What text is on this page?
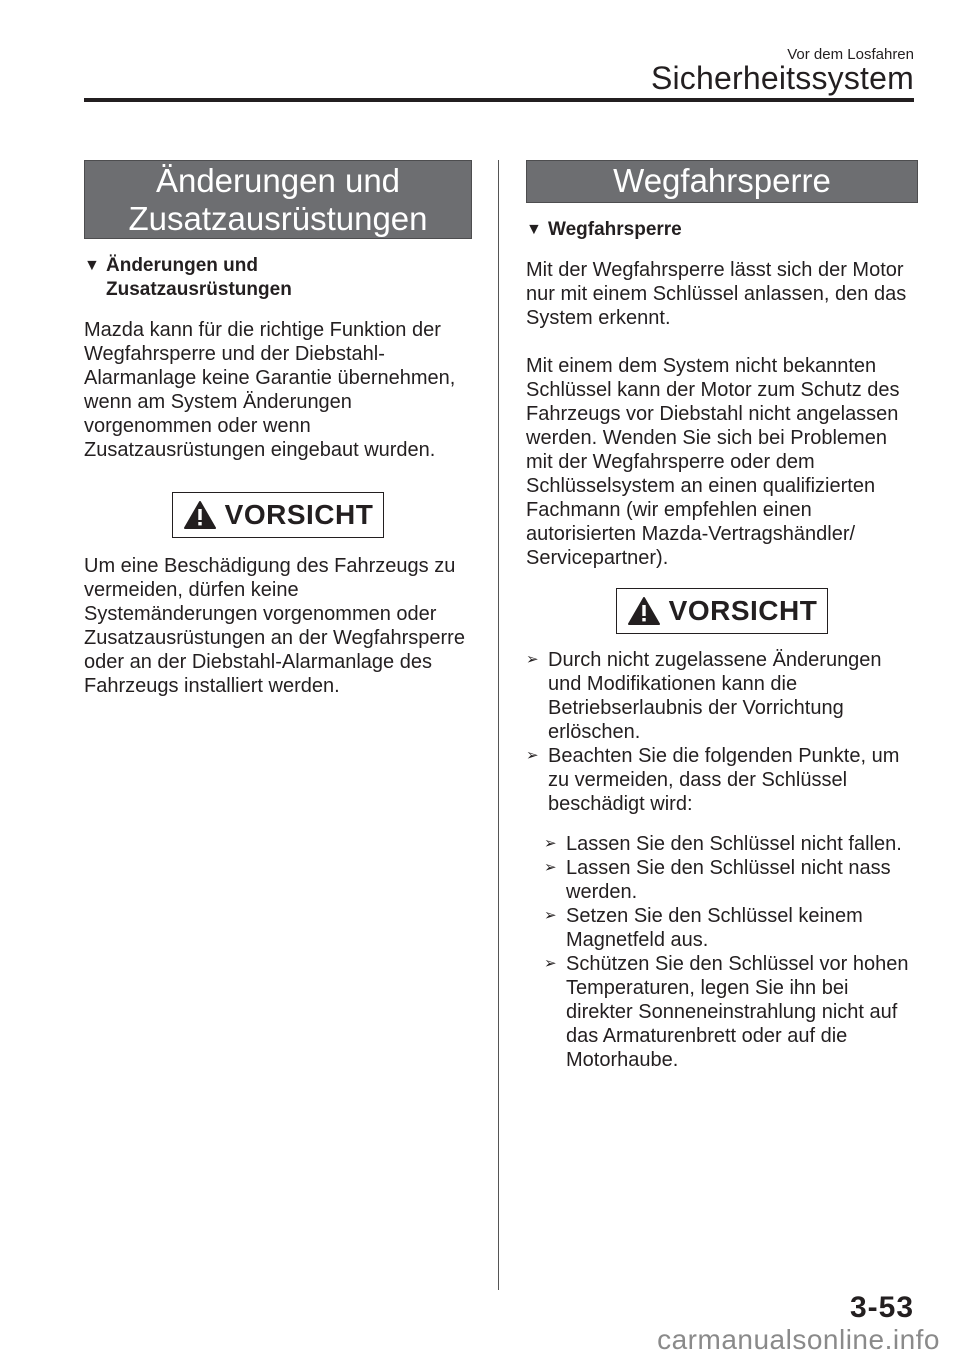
Vor dem Losfahren
Sicherheitssystem
Änderungen und
Zusatzausrüstungen
▼ Änderungen und
Zusatzausrüstungen

Mazda kann für die richtige Funktion der Wegfahrsperre und der Diebstahl-Alarmanlage keine Garantie übernehmen, wenn am System Änderungen vorgenommen oder wenn Zusatzausrüstungen eingebaut wurden.

VORSICHT

Um eine Beschädigung des Fahrzeugs zu vermeiden, dürfen keine Systemänderungen vorgenommen oder Zusatzausrüstungen an der Wegfahrsperre oder an der Diebstahl-Alarmanlage des Fahrzeugs installiert werden.

Wegfahrsperre
▼ Wegfahrsperre

Mit der Wegfahrsperre lässt sich der Motor nur mit einem Schlüssel anlassen, den das System erkennt.

Mit einem dem System nicht bekannten Schlüssel kann der Motor zum Schutz des Fahrzeugs vor Diebstahl nicht angelassen werden. Wenden Sie sich bei Problemen mit der Wegfahrsperre oder dem Schlüsselsystem an einen qualifizierten Fachmann (wir empfehlen einen autorisierten Mazda-Vertragshändler/ Servicepartner).

VORSICHT
➢ Durch nicht zugelassene Änderungen und Modifikationen kann die Betriebserlaubnis der Vorrichtung erlöschen.
➢ Beachten Sie die folgenden Punkte, um zu vermeiden, dass der Schlüssel beschädigt wird:
➢ Lassen Sie den Schlüssel nicht fallen.
➢ Lassen Sie den Schlüssel nicht nass werden.
➢ Setzen Sie den Schlüssel keinem Magnetfeld aus.
➢ Schützen Sie den Schlüssel vor hohen Temperaturen, legen Sie ihn bei direkter Sonneneinstrahlung nicht auf das Armaturenbrett oder auf die Motorhaube.
3-53
carmanualsonline.info
